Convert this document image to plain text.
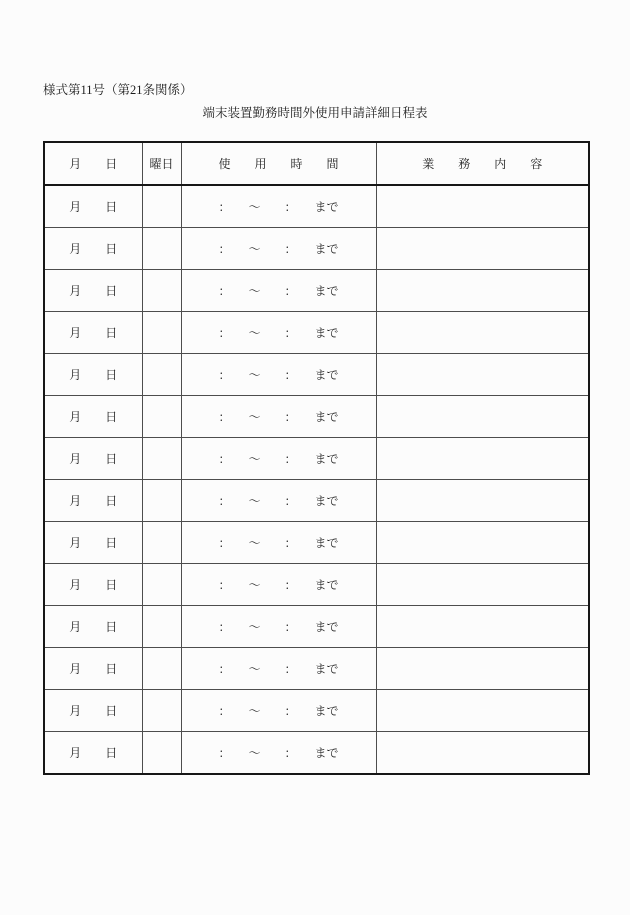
様式第11号（第21条関係）
端末装置勤務時間外使用申請詳細日程表
月　　日	曜日	使　　用　　時　　間	業　　務　　内　　容
月　　日		：　　〜　　：　　まで	
月　　日		：　　〜　　：　　まで	
月　　日		：　　〜　　：　　まで	
月　　日		：　　〜　　：　　まで	
月　　日		：　　〜　　：　　まで	
月　　日		：　　〜　　：　　まで	
月　　日		：　　〜　　：　　まで	
月　　日		：　　〜　　：　　まで	
月　　日		：　　〜　　：　　まで	
月　　日		：　　〜　　：　　まで	
月　　日		：　　〜　　：　　まで	
月　　日		：　　〜　　：　　まで	
月　　日		：　　〜　　：　　まで	
月　　日		：　　〜　　：　　まで	
